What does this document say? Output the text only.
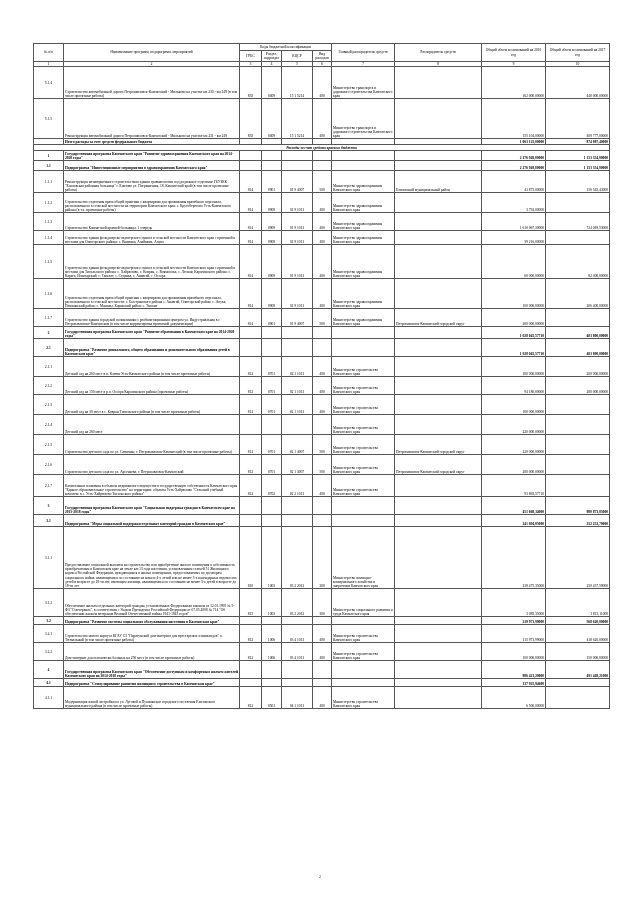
№ п/п	Наименование программ, подпрограмм, мероприятий	Коды бюджетной классификации				Главный распорядитель средств	Распорядитель средств	Общий объем ассигнований на 2016 год	Общий объем ассигнований на 2017 год
		ГРБС	Раздел, подраздел	КЦСР	Вид расходов				
1	2	3	4	5	6	7	8	9	10
5.1.4	Строительство автомобильной дороги Петропавловск-Камчатский - Мильково на участке км 230 - км 249 (в том числе проектные работы)	835	0409	15 1 5214	400	Министерство транспорта и дорожного строительства Камчатского края		162 000,00000	440 000,00000
5.1.5	Реконструкция автомобильной дороги Петропавловск-Камчатский - Мильково на участке км 231 - км 249	835	0409	15 1 5214	400	Министерство транспорта и дорожного строительства Камчатского края		155 104,00000	409 777,00000
	Итого расходы за счет средств федерального бюджета							1 063 125,00000	874 087,40000
Расходы за счет средств краевого бюджета									
1	Государственная программа Камчатского края "Развитие здравоохранения Камчатского края на 2014-2020 годы"							2 276 949,80000	1 153 354,90000
1.1	Подпрограмма "Инвестиционные мероприятия в здравоохранении Камчатского края"							2 276 949,80000	1 153 354,90000
1.1.1	Реконструкция незавершенного строительством здания травматологии под родильное отделение ГБУЗКК "Елизовская районная больница" г. Елизово ул. Пограничная, 18, Камчатский край (в том числе проектные работы)	814	0901	01 9 4007	500	Министерство здравоохранения Камчатского края	Елизовский муниципальный район	43 875,00000	156 545,43000
1.1.2	Строительство отделения врача общей практики с квартирами для проживания врачебного персонала, расположенного в сельской местности на территории Камчатского края: с. Крутоберегово Усть-Камчатского района (в т.ч. проектные работы)	814	0909	01 9 1013	400	Министерство здравоохранения Камчатского края		3 792,00000	
1.1.3	Строительство Камчатской краевой больницы, 1 очередь	814	0909	01 9 1013	400	Министерство здравоохранения Камчатского края		1 610 067,30000	724 049,53000
1.1.4	Строительство здания фельдшерско-акушерского пункта в сельской местности Камчатского края с приемной и местами для Олюторского района: с. Вывенка, Ачайваям, Апука	814	0909	01 9 1013	400	Министерство здравоохранения Камчатского края		39 216,00000	
1.1.5	Строительство здания фельдшерско-акушерского пункта в сельской местности Камчатского края с приемной и местами для Тигильского района: с. Хайрюзово, с. Ковран, с. Воямполка, с. Лесная; Карагинского района: с. Карага, Ильпырский, с. Тымлат; с. Седанка, с. Анавгай, с. Оссора	814	0909	01 9 1013	400	Министерство здравоохранения Камчатского края		60 000,00000	82 400,00000
1.1.6	Строительство отделения врача общей практики с квартирами для проживания врачебного персонала, расположенного в сельской местности: с. Быстринского района с. Анавгай, Олюторский район: с. Апука, Пенжинский район: с. Манилы, Корякский район: с. Тымлат	814	0909	01 9 1013	400	Министерство здравоохранения Камчатского края		100 000,00000	206 400,00000
1.1.7	Строительство здания городской поликлиники с реабилитационным центром ул. Индустриальная в г. Петропавловске-Камчатском (в том числе корректировка проектной документации)	814	0901	01 9 4007	500	Министерство здравоохранения Камчатского края	Петропавловск-Камчатский городской округ	200 000,00000	
2	Государственная программа Камчатского края "Развитие образования в Камчатском крае на 2014-2020 годы"							1 028 045,57710	403 800,00000
2.1	Подпрограмма "Развитие дошкольного, общего образования и дополнительного образования детей в Камчатском крае"							1 028 045,57710	403 800,00000
2.1.1	Детский сад на 260 мест в п. Ключи Усть-Камчатского района (в том числе проектные работы)	812	0701	02 1 1013	400	Министерство строительства Камчатского края		100 000,00000	200 000,00000
2.1.2	Детский сад на 150 мест в р.п. Оссора Карагинского района (проектные работы)	812	0701	02 1 1013	400	Министерство строительства Камчатского края		94 180,00000	200 000,00000
2.1.3	Детский сад на 30 мест в с. Ковран Тигильского района (в том числе проектные работы)	812	0701	02 1 1013	400	Министерство строительства Камчатского края		100 000,00000	
2.1.4	Детский сад на 260 мест					Министерство строительства Камчатского края		220 000,00000	
2.1.5	Строительство детского сада по ул. Савченко, г. Петропавловск-Камчатский (в том числе проектные работы)	812	0701	02 1 4007	500	Министерство строительства Камчатского края	Петропавловск-Камчатский городской округ	220 000,00000	
2.1.6	Строительство детского сада по ул. Арсеньева, г. Петропавловск-Камчатский	812	0701	02 1 4007	500	Министерство строительства Камчатского края	Петропавловск-Камчатский городской округ	200 000,00000	
2.1.7	Капитальные вложения в объекты недвижимого имущества в государственную собственность Камчатского края "Единое образовательное строительство" на территории: объекты Усть-Хайрюзово "Сельский учебный комплекс в с. Усть-Хайрюзово Тигильского района"	812	0702	02 2 1013	400	Министерство строительства Камчатского края		93 865,57710	
3	Государственная программа Камчатского края "Социальная поддержка граждан в Камчатском крае на 2015-2018 годы"							451 668,34000	980 873,05000
3.1	Подпрограмма "Меры социальной поддержки отдельных категорий граждан в Камчатском крае"							241 694,05000	252 252,70000
3.1.1	Предоставление социальной выплаты на строительство или приобретение жилого помещения в собственность приобретаемым в Камчатском крае на земле кат.13 года населения, установленным статьей 51 Жилищного кодекса Российской Федерации, нуждающимся в жилых помещениях, предоставляемых по договорам социального найма, являющимися по состоянию на начало 4-х летий или не менее 3-х календарных ведомостях детей в возрасте до 18-ти лет, имеющим жилищи, являющимися по состоянию не менее 3-х детей в возрасте до 18-ти лет	810	1003	03 2 2012	300	Министерство жилищно-коммунального хозяйства и энергетики Камчатского края		238 475,35000	250 437,59000
3.1.2	Обеспечение жильем отдельных категорий граждан, установленных Федеральным законом от 12.01.1995 № 5-ФЗ "О ветеранах", в соответствии с Указом Президента Российской Федерации от 07.05.2008 № 714 "Об обеспечении жильем ветеранов Великой Отечественной войны 1941-1945 годов"	815	1003	03 2 2012	300	Министерство социального развития и труда Камчатского края		3 085,35000	1 815,11000
3.2	Подпрограмма "Развитие системы социального обслуживания населения в Камчатском крае"							219 973,99000	568 620,00000
3.2.1	Строительство нового корпуса КГАУ СЗ "Паратунский дом-интернат для престарелых и инвалидов" п. Termальный (в том числе проектные работы)	812	1006	03 4 1013	400	Министерство строительства Камчатского края		115 973,99000	418 620,00000
3.2.2	Дом-интернат для психически больных на 250 мест (в том числе проектные работы)	812	1006	03 4 1013	400	Министерство строительства Камчатского края		100 000,00000	150 000,00000
4	Государственная программа Камчатского края "Обеспечение доступным и комфортным жильем жителей Камчатского края на 2014-2018 годы"							986 421,20000	491 449,21000
4.1	Подпрограмма "Стимулирование развития жилищного строительства в Камчатском крае"							137 925,94600	
4.1.1	Модернизация жилой застройки по ул. Луговой и Пушкинское городского поселения Елизовского муниципального района (в том числе проектные работы)	812	0501	04 1 1013	400	Министерство строительства Камчатского края		6 500,00000	
2
